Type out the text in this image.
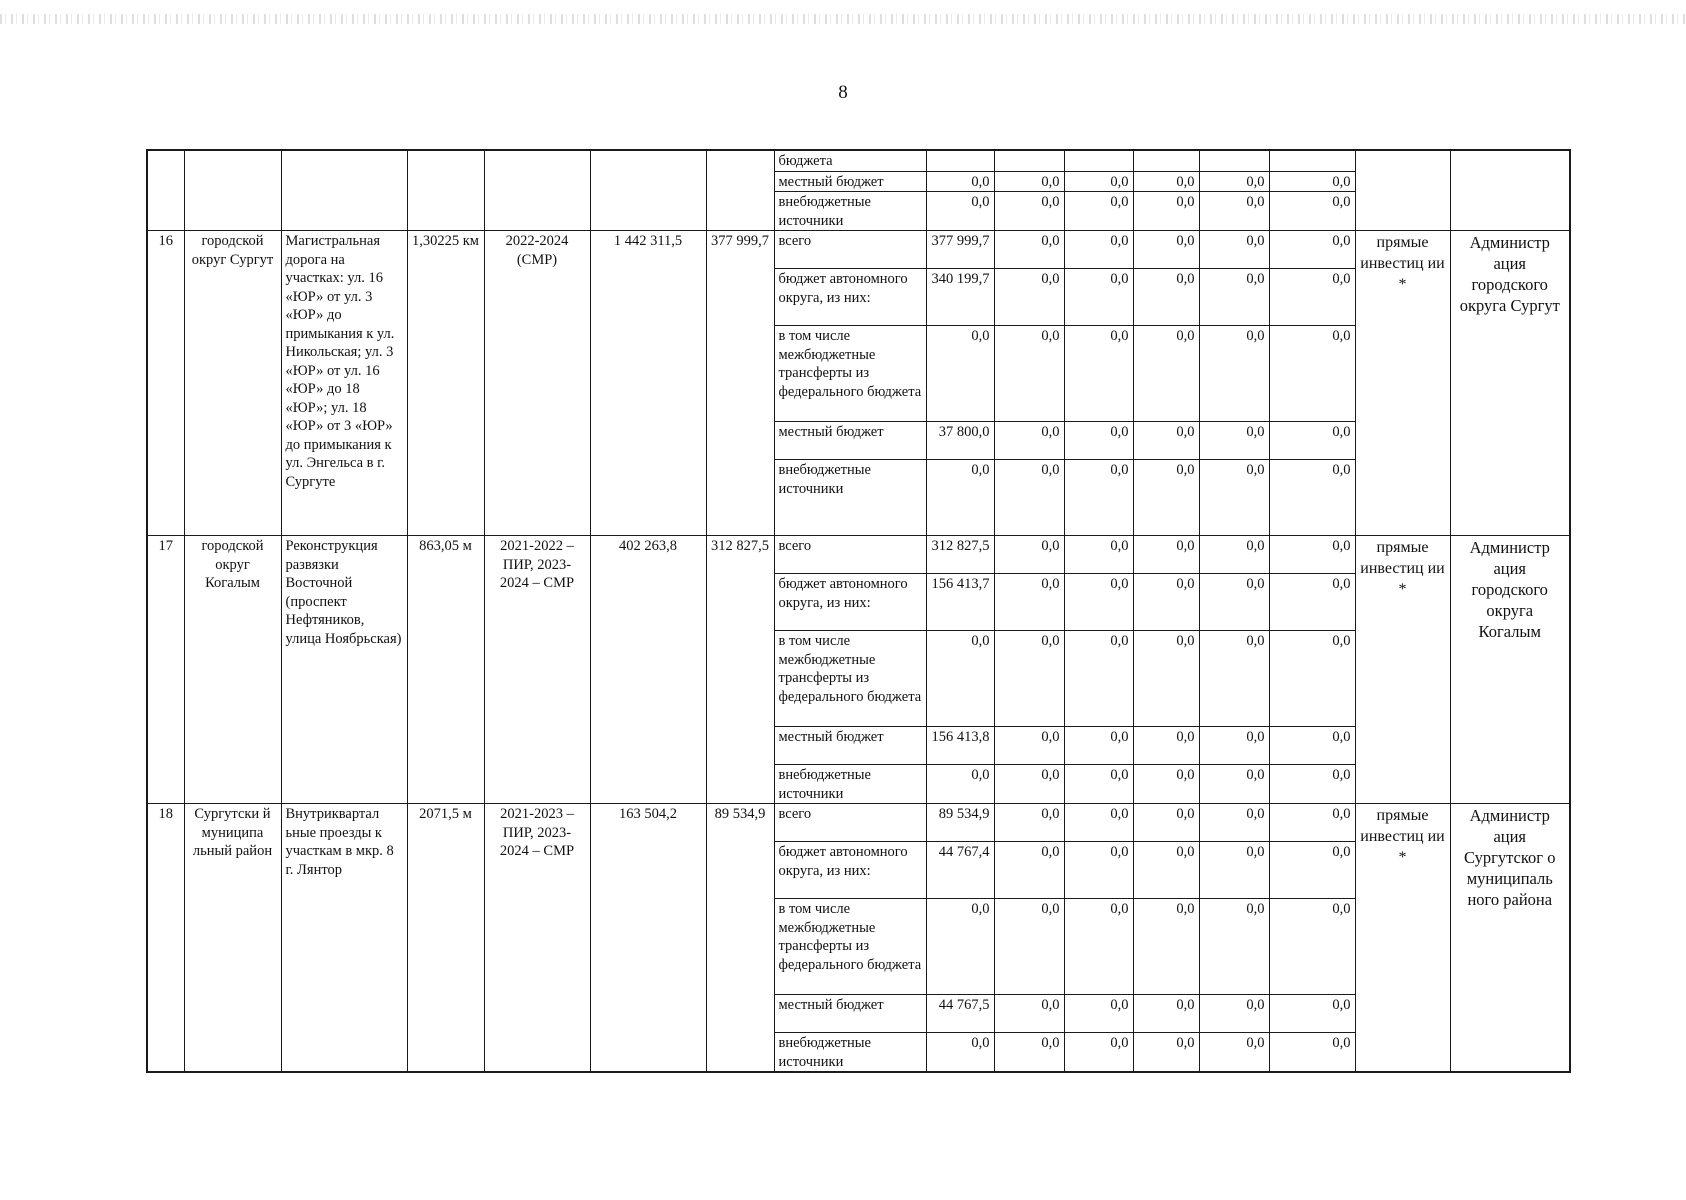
8
							бюджета								
							местный бюджет	0,0	0,0	0,0	0,0	0,0	0,0		
							внебюджетные источники	0,0	0,0	0,0	0,0	0,0	0,0		
16	городской округ Сургут	Магистральная дорога на участках: ул. 16 «ЮР» от ул. 3 «ЮР» до примыкания к ул. Никольская; ул. 3 «ЮР» от ул. 16 «ЮР» до 18 «ЮР»; ул. 18 «ЮР» от 3 «ЮР» до примыкания к ул. Энгельса в г. Сургуте	1,30225 км	2022-2024 (СМР)	1 442 311,5	377 999,7	всего	377 999,7	0,0	0,0	0,0	0,0	0,0	прямые инвестиц ии *	Администр ация городского округа Сургут
							бюджет автономного округа, из них:	340 199,7	0,0	0,0	0,0	0,0	0,0		
							в том числе межбюджетные трансферты из федерального бюджета	0,0	0,0	0,0	0,0	0,0	0,0		
							местный бюджет	37 800,0	0,0	0,0	0,0	0,0	0,0		
							внебюджетные источники	0,0	0,0	0,0	0,0	0,0	0,0		
17	городской округ Когалым	Реконструкция развязки Восточной (проспект Нефтяников, улица Ноябрьская)	863,05 м	2021-2022 – ПИР, 2023-2024 – СМР	402 263,8	312 827,5	всего	312 827,5	0,0	0,0	0,0	0,0	0,0	прямые инвестиц ии *	Администр ация городского округа Когалым
							бюджет автономного округа, из них:	156 413,7	0,0	0,0	0,0	0,0	0,0		
							в том числе межбюджетные трансферты из федерального бюджета	0,0	0,0	0,0	0,0	0,0	0,0		
							местный бюджет	156 413,8	0,0	0,0	0,0	0,0	0,0		
							внебюджетные источники	0,0	0,0	0,0	0,0	0,0	0,0		
18	Сургутски й муниципа льный район	Внутриквартал ьные проезды к участкам в мкр. 8 г. Лянтор	2071,5 м	2021-2023 – ПИР, 2023-2024 – СМР	163 504,2	89 534,9	всего	89 534,9	0,0	0,0	0,0	0,0	0,0	прямые инвестиц ии *	Администр ация Сургутског о муниципаль ного района
							бюджет автономного округа, из них:	44 767,4	0,0	0,0	0,0	0,0	0,0		
							в том числе межбюджетные трансферты из федерального бюджета	0,0	0,0	0,0	0,0	0,0	0,0		
							местный бюджет	44 767,5	0,0	0,0	0,0	0,0	0,0		
							внебюджетные источники	0,0	0,0	0,0	0,0	0,0	0,0		
